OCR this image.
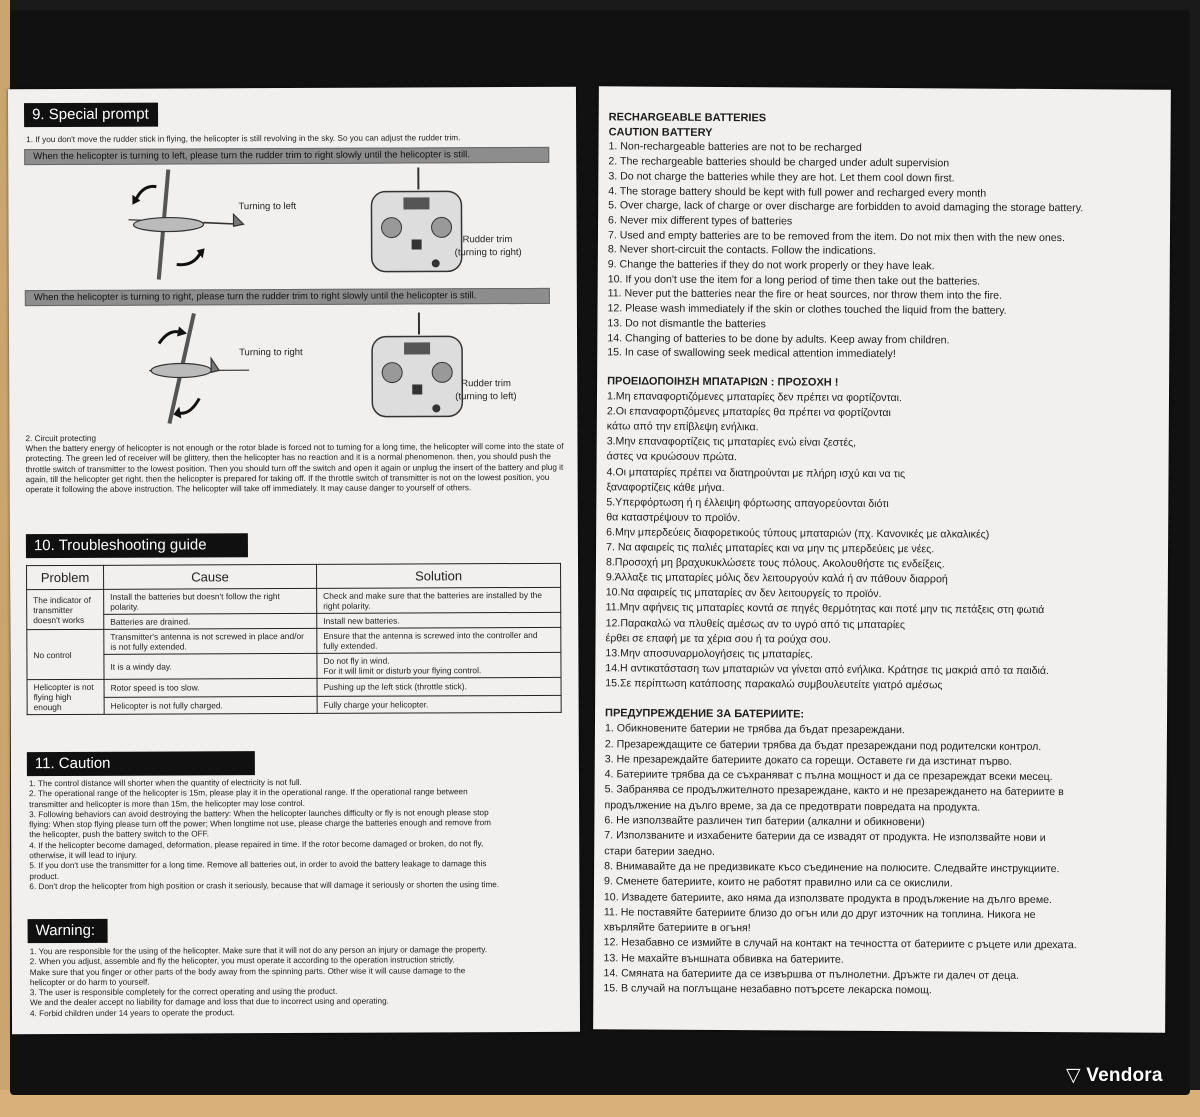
9. Special prompt
1. If you don't move the rudder stick in flying, the helicopter is still revolving in the sky. So you can adjust the rudder trim.
When the helicopter is turning to left, please turn the rudder trim to right slowly until the helicopter is still.
Turning to left
Rudder trim
(turning to right)
When the helicopter is turning to right, please turn the rudder trim to right slowly until the helicopter is still.
Turning to right
Rudder trim
(turning to left)
2. Circuit protecting
When the battery energy of helicopter is not enough or the rotor blade is forced not to turning for a long time, the helicopter will come into the state of protecting. The green led of receiver will be glittery, then the helicopter has no reaction and it is a normal phenomenon. then, you should push the throttle switch of transmitter to the lowest position. Then you should turn off the switch and open it again or unplug the insert of the battery and plug it again, till the helicopter get right. then the helicopter is prepared for taking off. If the throttle switch of transmitter is not on the lowest position, you operate it following the above instruction. The helicopter will take off immediately. It may cause danger to yourself of others.
10. Troubleshooting guide
Problem	Cause	Solution
The indicator of transmitter doesn't works	Install the batteries but doesn't follow the right polarity.	Check and make sure that the batteries are installed by the right polarity.
	Batteries are drained.	Install new batteries.
No control	Transmitter's antenna is not screwed in place and/or is not fully extended.	Ensure that the antenna is screwed into the controller and fully extended.
	It is a windy day.	Do not fly in wind.
For it will limit or disturb your flying control.
Helicopter is not flying high enough	Rotor speed is too slow.	Pushing up the left stick (throttle stick).
	Helicopter is not fully charged.	Fully charge your helicopter.
11. Caution
1. The control distance will shorter when the quantity of electricity is not full.
2. The operational range of the helicopter is 15m, please play it in the operational range. If the operational range between
transmitter and helicopter is more than 15m, the helicopter may lose control.
3. Following behaviors can avoid destroying the battery: When the helicopter launches difficulty or fly is not enough please stop
flying: When stop flying please turn off the power; When longtime not use, please charge the batteries enough and remove from
the helicopter, push the battery switch to the OFF.
4. If the helicopter become damaged, deformation, please repaired in time. If the rotor become damaged or broken, do not fly,
otherwise, it will lead to injury.
5. If you don't use the transmitter for a long time. Remove all batteries out, in order to avoid the battery leakage to damage this
product.
6. Don't drop the helicopter from high position or crash it seriously, because that will damage it seriously or shorten the using time.
Warning:
1. You are responsible for the using of the helicopter. Make sure that it will not do any person an injury or damage the property.
2. When you adjust, assemble and fly the helicopter, you must operate it according to the operation instruction strictly.
Make sure that you finger or other parts of the body away from the spinning parts. Other wise it will cause damage to the
helicopter or do harm to yourself.
3. The user is responsible completely for the correct operating and using the product.
We and the dealer accept no liability for damage and loss that due to incorrect using and operating.
4. Forbid children under 14 years to operate the product.
RECHARGEABLE BATTERIES
CAUTION BATTERY
1. Non-rechargeable batteries are not to be recharged
2. The rechargeable batteries should be charged under adult supervision
3. Do not charge the batteries while they are hot. Let them cool down first.
4. The storage battery should be kept with full power and recharged every month
5. Over charge, lack of charge or over discharge are forbidden to avoid damaging the storage battery.
6. Never mix different types of batteries
7. Used and empty batteries are to be removed from the item. Do not mix then with the new ones.
8. Never short-circuit the contacts. Follow the indications.
9. Change the batteries if they do not work properly or they have leak.
10. If you don't use the item for a long period of time then take out the batteries.
11. Never put the batteries near the fire or heat sources, nor throw them into the fire.
12. Please wash immediately if the skin or clothes touched the liquid from the battery.
13. Do not dismantle the batteries
14. Changing of batteries to be done by adults. Keep away from children.
15. In case of swallowing seek medical attention immediately!
ΠΡΟΕΙΔΟΠΟΙΗΣΗ ΜΠΑΤΑΡΙΩΝ : ΠΡΟΣΟΧΗ !
1.Μη επαναφορτιζόμενες μπαταρίες δεν πρέπει να φορτίζονται.
2.Οι επαναφορτιζόμενες μπαταρίες θα πρέπει να φορτίζονται
κάτω από την επίβλεψη ενήλικα.
3.Μην επαναφορτίζεις τις μπαταρίες ενώ είναι ζεστές,
άστες να κρυώσουν πρώτα.
4.Οι μπαταρίες πρέπει να διατηρούνται με πλήρη ισχύ και να τις
ξαναφορτίζεις κάθε μήνα.
5.Υπερφόρτωση ή η έλλειψη φόρτωσης απαγορεύονται διότι
θα καταστρέψουν το προϊόν.
6.Μην μπερδεύεις διαφορετικούς τύπους μπαταριών (πχ. Κανονικές με αλκαλικές)
7. Να αφαιρείς τις παλιές μπαταρίες και να μην τις μπερδεύεις με νέες.
8.Προσοχή μη βραχυκυκλώσετε τους πόλους. Ακολουθήστε τις ενδείξεις.
9.Άλλαξε τις μπαταρίες μόλις δεν λειτουργούν καλά ή αν πάθουν διαρροή
10.Να αφαιρείς τις μπαταρίες αν δεν λειτουργείς το προϊόν.
11.Μην αφήνεις τις μπαταρίες κοντά σε πηγές θερμότητας και ποτέ μην τις πετάξεις στη φωτιά
12.Παρακαλώ να πλυθείς αμέσως αν το υγρό από τις μπαταρίες
έρθει σε επαφή με τα χέρια σου ή τα ρούχα σου.
13.Μην αποσυναρμολογήσεις τις μπαταρίες.
14.Η αντικατάσταση των μπαταριών να γίνεται από ενήλικα. Κράτησε τις μακριά από τα παιδιά.
15.Σε περίπτωση κατάποσης παρακαλώ συμβουλευτείτε γιατρό αμέσως
ПРЕДУПРЕЖДЕНИЕ ЗА БАТЕРИИТЕ:
1. Обикновените батерии не трябва да бъдат презареждани.
2. Презареждащите се батерии трябва да бъдат презареждани под родителски контрол.
3. Не презареждайте батериите докато са горещи. Оставете ги да изстинат първо.
4. Батериите трябва да се съхраняват с пълна мощност и да се презареждат всеки месец.
5. Забранява се продължителното презареждане, както и не презареждането на батериите в
продължение на дълго време, за да се предотврати повредата на продукта.
6. Не използвайте различен тип батерии (алкални и обикновени)
7. Използваните и изхабените батерии да се извадят от продукта. Не използвайте нови и
стари батерии заедно.
8. Внимавайте да не предизвикате късо съединение на полюсите. Следвайте инструкциите.
9. Сменете батериите, които не работят правилно или са се окислили.
10. Извадете батериите, ако няма да използвате продукта в продължение на дълго време.
11. Не поставяйте батериите близо до огън или до друг източник на топлина. Никога не
хвърляйте батериите в огъня!
12. Незабавно се измийте в случай на контакт на течността от батериите с ръцете или дрехата.
13. Не махайте външната обвивка на батериите.
14. Смяната на батериите да се извършва от пълнолетни. Дръжте ги далеч от деца.
15. В случай на поглъщане незабавно потърсете лекарска помощ.
▽ Vendora
